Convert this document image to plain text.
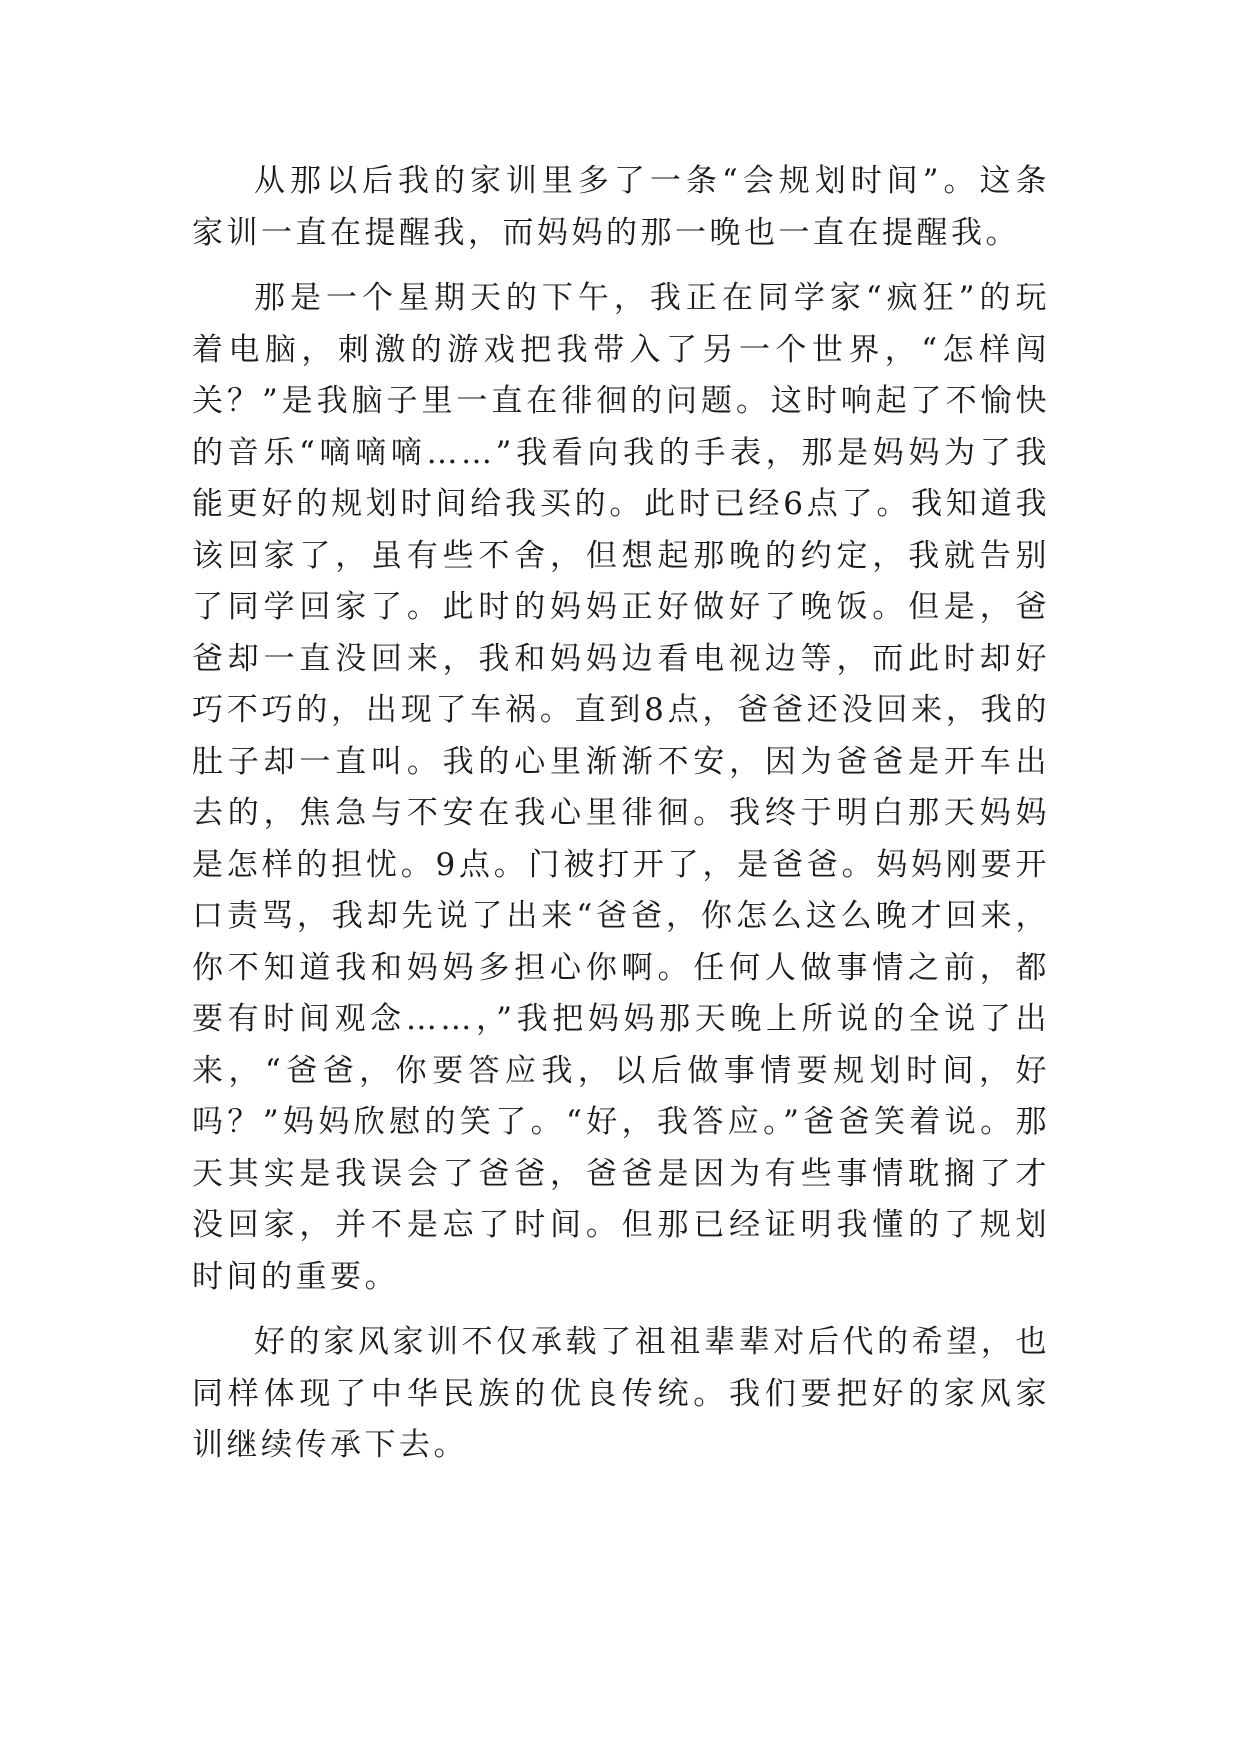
从那以后我的家训里多了一条“会规划时间”。这条家训一直在提醒我，而妈妈的那一晚也一直在提醒我。

那是一个星期天的下午，我正在同学家“疯狂”的玩着电脑，刺激的游戏把我带入了另一个世界，“怎样闯关？”是我脑子里一直在徘徊的问题。这时响起了不愉快的音乐“嘀嘀嘀……”我看向我的手表，那是妈妈为了我能更好的规划时间给我买的。此时已经6点了。我知道我该回家了，虽有些不舍，但想起那晚的约定，我就告别了同学回家了。此时的妈妈正好做好了晚饭。但是，爸爸却一直没回来，我和妈妈边看电视边等，而此时却好巧不巧的，出现了车祸。直到8点，爸爸还没回来，我的肚子却一直叫。我的心里渐渐不安，因为爸爸是开车出去的，焦急与不安在我心里徘徊。我终于明白那天妈妈是怎样的担忧。9点。门被打开了，是爸爸。妈妈刚要开口责骂，我却先说了出来“爸爸，你怎么这么晚才回来，你不知道我和妈妈多担心你啊。任何人做事情之前，都要有时间观念……，”我把妈妈那天晚上所说的全说了出来，“爸爸，你要答应我，以后做事情要规划时间，好吗？”妈妈欣慰的笑了。“好，我答应。”爸爸笑着说。那天其实是我误会了爸爸，爸爸是因为有些事情耽搁了才没回家，并不是忘了时间。但那已经证明我懂的了规划时间的重要。

好的家风家训不仅承载了祖祖辈辈对后代的希望，也同样体现了中华民族的优良传统。我们要把好的家风家训继续传承下去。
